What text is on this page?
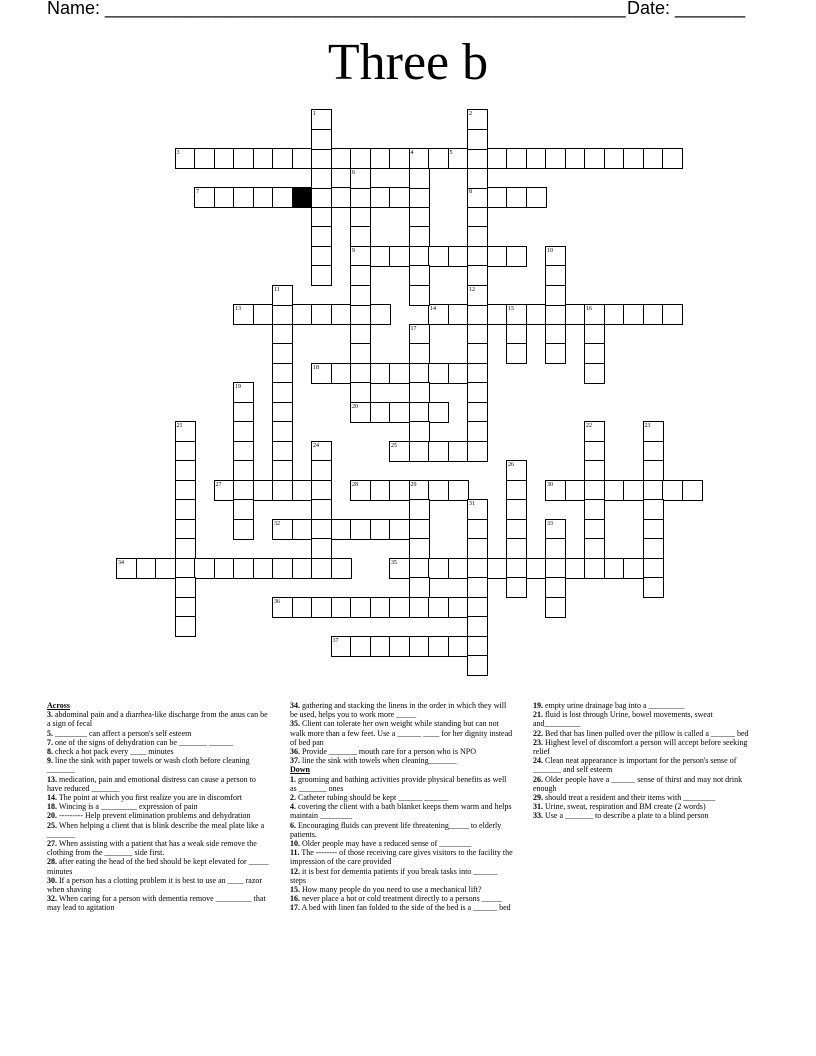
Name: ____________________________________________________ Date: _______
Three b
3	4	5
7	8
9
13	14	15	16
18
20
25
27	28	29	30
32
34	35
36
37
1	2
12
6
10
11
17
19
21	22	23
24
26
31
33
Across
3. abdominal pain and a diarrhea-like discharge from the anus can be a sign of fecal
5. ________ can affect a person's self esteem
7. one of the signs of dehydration can be _______ ______
8. check a hot pack every ____ minutes
9. line the sink with paper towels or wash cloth before cleaning _______
13. medication, pain and emotional distress can cause a person to have reduced _______
14. The point at which you first realize you are in discomfort
18. Wincing is a _________ expression of pain
20. --------- Help prevent elimination problems and dehydration
25. When helping a client that is blink describe the meal plate like a _______
27. When assisting with a patient that has a weak side remove the clothing from the _______ side first.
28. after eating the head of the bed should be kept elevated for _____ minutes
30. If a person has a clotting problem it is best to use an ____ razor when shaving
32. When caring for a person with dementia remove _________ that may lead to agitation
34. gathering and stacking the linens in the order in which they will be used, helps you to work more _____
35. Client can tolerate her own weight while standing but can not walk more than a few feet. Use a ______ ____ for her dignity instead of bed pan
36. Provide _______ mouth care for a person who is NPO
37. line the sink with towels when cleaning_______
Down
1. grooming and bathing activities provide physical benefits as well as _______ ones
2. Catheter tubing should be kept ______ ______
4. covering the client with a bath blanket keeps them warm and helps maintain ________
6. Encouraging fluids can prevent life threatening_____ to elderly patients.
10. Older people may have a reduced sense of ________
11. The -------- of those receiving care gives visitors to the facility the impression of the care provided
12. it is best for dementia patients if you break tasks into ______ steps
15. How many people do you need to use a mechanical lift?
16. never place a hot or cold treatment directly to a persons _____
17. A bed with linen fan folded to the side of the bed is a ______ bed
19. empty urine drainage bag into a _________
21. fluid is lost through Urine, bowel movements, sweat and_________
22. Bed that has linen pulled over the pillow is called a ______ bed
23. Highest level of discomfort a person will accept before seeking relief
24. Clean neat appearance is important for the person's sense of _______ and self esteem
26. Older people have a ______ sense of thirst and may not drink enough
29. should treat a resident and their items with ________
31. Urine, sweat, respiration and BM create (2 words)
33. Use a _______ to describe a plate to a blind person
